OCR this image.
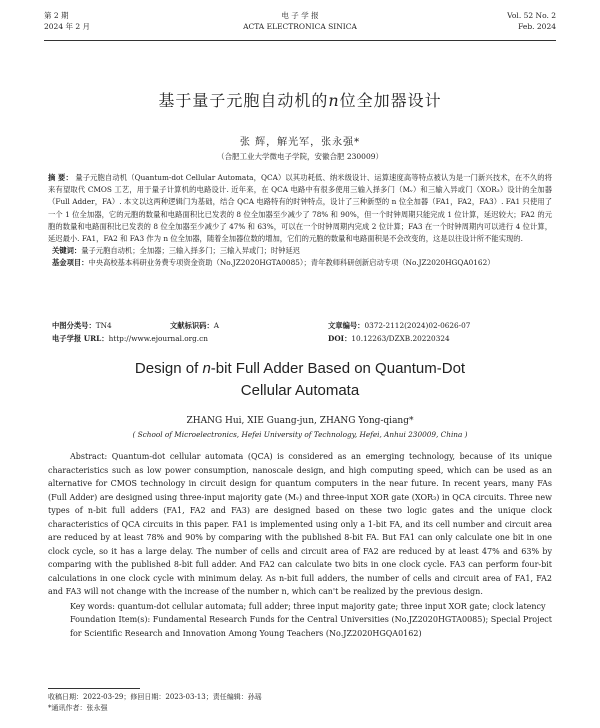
第 2 期
2024 年 2 月
电 子 学 报
ACTA ELECTRONICA SINICA
Vol. 52 No. 2
Feb. 2024
基于量子元胞自动机的n位全加器设计
张 辉，解光军，张永强*
（合肥工业大学微电子学院，安徽合肥 230009）
摘 要： 量子元胞自动机（Quantum-dot Cellular Automata，QCA）以其功耗低、纳米级设计、运算速度高等特点被认为是一门新兴技术，在不久的将来有望取代 CMOS 工艺，用于量子计算机的电路设计. 近年来，在 QCA 电路中有很多使用三输入择多门（Mᵥ）和三输入异或门（XOR₃）设计的全加器（Full Adder，FA）. 本文以这两种逻辑门为基础，结合 QCA 电路特有的时钟特点，设计了三种新型的 n 位全加器（FA1，FA2，FA3）. FA1 只使用了一个 1 位全加器，它的元胞的数量和电路面积比已发表的 8 位全加器至少减少了 78% 和 90%，但一个时钟周期只能完成 1 位计算，延迟较大；FA2 的元胞的数量和电路面积比已发表的 8 位全加器至少减少了 47% 和 63%，可以在一个时钟周期内完成 2 位计算；FA3 在一个时钟周期内可以进行 4 位计算，延迟最小. FA1，FA2 和 FA3 作为 n 位全加器，随着全加器位数的增加，它们的元胞的数量和电路面积是不会改变的，这是以往设计所不能实现的.
关键词：量子元胞自动机；全加器；三输入择多门；三输入异或门；时钟延迟
基金项目：中央高校基本科研业务费专项资金资助（No.JZ2020HGTA0085）；青年教师科研创新启动专项（No.JZ2020HGQA0162）
中图分类号：TN4	文献标识码：A	文章编号：0372-2112(2024)02-0626-07
电子学报 URL：http://www.ejournal.org.cn	DOI：10.12263/DZXB.20220324
Design of n-bit Full Adder Based on Quantum-Dot
Cellular Automata
ZHANG Hui, XIE Guang-jun, ZHANG Yong-qiang*
( School of Microelectronics, Hefei University of Technology, Hefei, Anhui 230009, China )
Abstract: Quantum-dot cellular automata (QCA) is considered as an emerging technology, because of its unique characteristics such as low power consumption, nanoscale design, and high computing speed, which can be used as an alternative for CMOS technology in circuit design for quantum computers in the near future. In recent years, many FAs (Full Adder) are designed using three-input majority gate (Mᵥ) and three-input XOR gate (XOR₃) in QCA circuits. Three new types of n-bit full adders (FA1, FA2 and FA3) are designed based on these two logic gates and the unique clock characteristics of QCA circuits in this paper. FA1 is implemented using only a 1-bit FA, and its cell number and circuit area are reduced by at least 78% and 90% by comparing with the published 8-bit FA. But FA1 can only calculate one bit in one clock cycle, so it has a large delay. The number of cells and circuit area of FA2 are reduced by at least 47% and 63% by comparing with the published 8-bit full adder. And FA2 can calculate two bits in one clock cycle. FA3 can perform four-bit calculations in one clock cycle with minimum delay. As n-bit full adders, the number of cells and circuit area of FA1, FA2 and FA3 will not change with the increase of the number n, which can't be realized by the previous design.
Key words: quantum-dot cellular automata; full adder; three input majority gate; three input XOR gate; clock latency
Foundation Item(s): Fundamental Research Funds for the Central Universities (No.JZ2020HGTA0085); Special Project for Scientific Research and Innovation Among Young Teachers (No.JZ2020HGQA0162)
收稿日期：2022-03-29；修回日期：2023-03-13；责任编辑：孙瑶
*通讯作者：张永强
